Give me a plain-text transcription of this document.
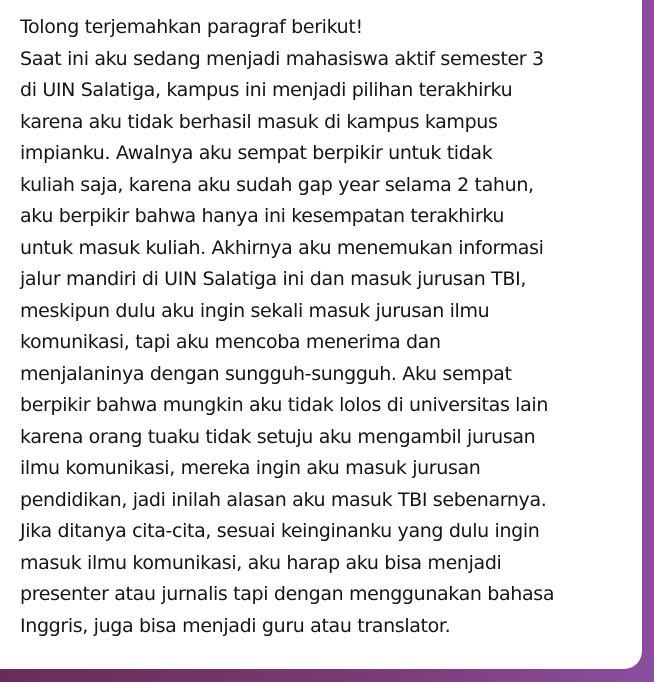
Tolong terjemahkan paragraf berikut!
Saat ini aku sedang menjadi mahasiswa aktif semester 3
di UIN Salatiga, kampus ini menjadi pilihan terakhirku
karena aku tidak berhasil masuk di kampus kampus
impianku. Awalnya aku sempat berpikir untuk tidak
kuliah saja, karena aku sudah gap year selama 2 tahun,
aku berpikir bahwa hanya ini kesempatan terakhirku
untuk masuk kuliah. Akhirnya aku menemukan informasi
jalur mandiri di UIN Salatiga ini dan masuk jurusan TBI,
meskipun dulu aku ingin sekali masuk jurusan ilmu
komunikasi, tapi aku mencoba menerima dan
menjalaninya dengan sungguh-sungguh. Aku sempat
berpikir bahwa mungkin aku tidak lolos di universitas lain
karena orang tuaku tidak setuju aku mengambil jurusan
ilmu komunikasi, mereka ingin aku masuk jurusan
pendidikan, jadi inilah alasan aku masuk TBI sebenarnya.
Jika ditanya cita-cita, sesuai keinginanku yang dulu ingin
masuk ilmu komunikasi, aku harap aku bisa menjadi
presenter atau jurnalis tapi dengan menggunakan bahasa
Inggris, juga bisa menjadi guru atau translator.
